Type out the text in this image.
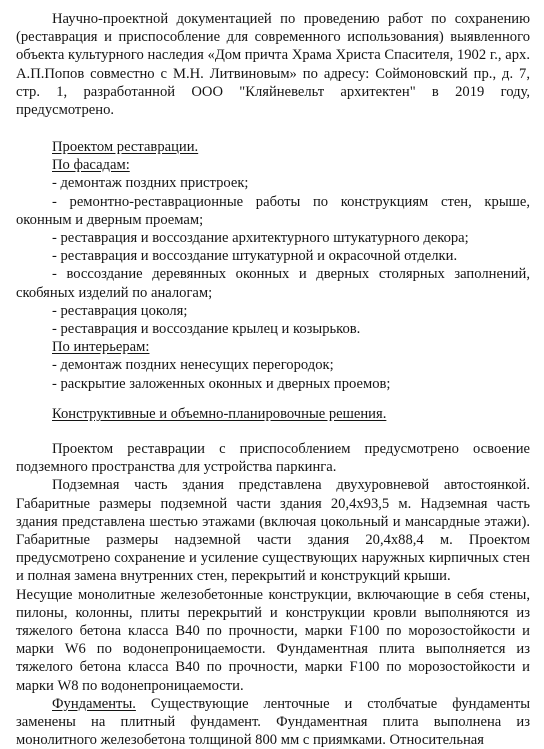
Научно-проектной документацией по проведению работ по сохранению (реставрация и приспособление для современного использования) выявленного объекта культурного наследия «Дом причта Храма Христа Спасителя, 1902 г., арх. А.П.Попов совместно с М.Н. Литвиновым» по адресу: Соймоновский пр., д. 7, стр. 1, разработанной ООО "Кляйневельт архитектен" в 2019 году, предусмотрено.

Проектом реставрации.

По фасадам:

- демонтаж поздних пристроек;

- ремонтно-реставрационные работы по конструкциям стен, крыше, оконным и дверным проемам;

- реставрация и воссоздание архитектурного штукатурного декора;

- реставрация и воссоздание штукатурной и окрасочной отделки.

- воссоздание деревянных оконных и дверных столярных заполнений, скобяных изделий по аналогам;

- реставрация цоколя;

- реставрация и воссоздание крылец и козырьков.

По интерьерам:

- демонтаж поздних ненесущих перегородок;

- раскрытие заложенных оконных и дверных проемов;

Конструктивные и объемно-планировочные решения.

Проектом реставрации с приспособлением предусмотрено освоение подземного пространства для устройства паркинга.

Подземная часть здания представлена двухуровневой автостоянкой. Габаритные размеры подземной части здания 20,4х93,5 м. Надземная часть здания представлена шестью этажами (включая цокольный и мансардные этажи). Габаритные размеры надземной части здания 20,4х88,4 м. Проектом предусмотрено сохранение и усиление существующих наружных кирпичных стен и полная замена внутренних стен, перекрытий и конструкций крыши.

Несущие монолитные железобетонные конструкции, включающие в себя стены, пилоны, колонны, плиты перекрытий и конструкции кровли выполняются из тяжелого бетона класса В40 по прочности, марки F100 по морозостойкости и марки W6 по водонепроницаемости. Фундаментная плита выполняется из тяжелого бетона класса В40 по прочности, марки F100 по морозостойкости и марки W8 по водонепроницаемости.

Фундаменты. Существующие ленточные и столбчатые фундаменты заменены на плитный фундамент. Фундаментная плита выполнена из монолитного железобетона толщиной 800 мм с приямками. Относительная
